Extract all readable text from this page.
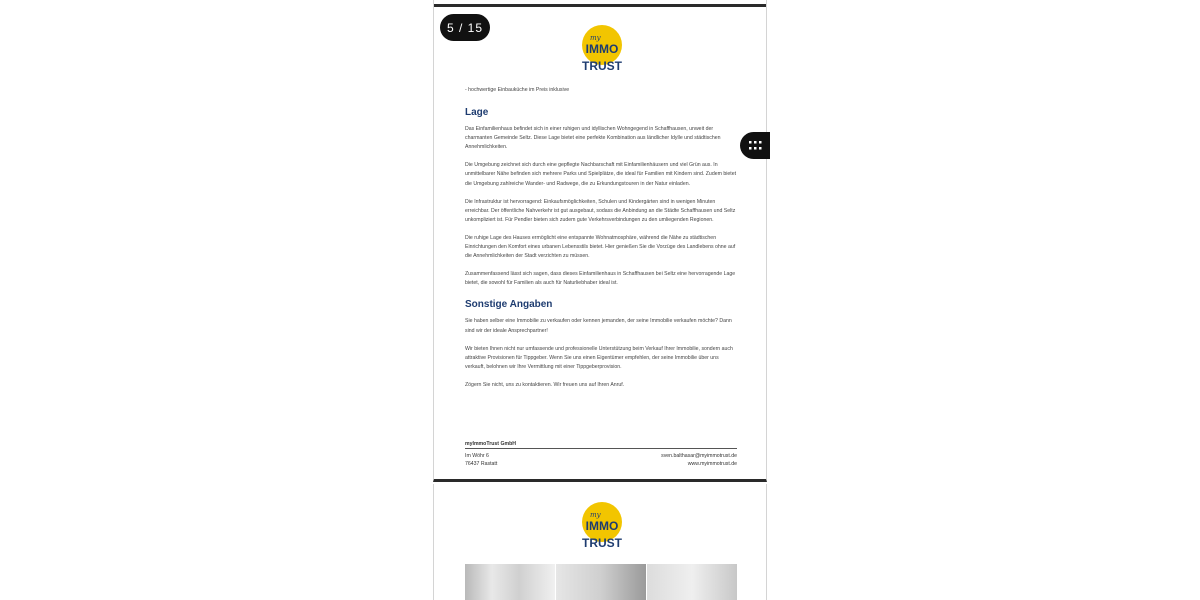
5 / 15
my
IMMO
TRUST

- hochwertige Einbauküche im Preis inklusive

Lage

Das Einfamilienhaus befindet sich in einer ruhigen und idyllischen Wohngegend in Schaffhausen, unweit der charmanten Gemeinde Seltz. Diese Lage bietet eine perfekte Kombination aus ländlicher Idylle und städtischen Annehmlichkeiten.

Die Umgebung zeichnet sich durch eine gepflegte Nachbarschaft mit Einfamilienhäusern und viel Grün aus. In unmittelbarer Nähe befinden sich mehrere Parks und Spielplätze, die ideal für Familien mit Kindern sind. Zudem bietet die Umgebung zahlreiche Wander- und Radwege, die zu Erkundungstouren in der Natur einladen.

Die Infrastruktur ist hervorragend: Einkaufsmöglichkeiten, Schulen und Kindergärten sind in wenigen Minuten erreichbar. Der öffentliche Nahverkehr ist gut ausgebaut, sodass die Anbindung an die Städte Schaffhausen und Seltz unkompliziert ist. Für Pendler bieten sich zudem gute Verkehrsverbindungen zu den umliegenden Regionen.

Die ruhige Lage des Hauses ermöglicht eine entspannte Wohnatmosphäre, während die Nähe zu städtischen Einrichtungen den Komfort eines urbanen Lebensstils bietet. Hier genießen Sie die Vorzüge des Landlebens ohne auf die Annehmlichkeiten der Stadt verzichten zu müssen.

Zusammenfassend lässt sich sagen, dass dieses Einfamilienhaus in Schaffhausen bei Seltz eine hervorragende Lage bietet, die sowohl für Familien als auch für Naturliebhaber ideal ist.

Sonstige Angaben

Sie haben selber eine Immobilie zu verkaufen oder kennen jemanden, der seine Immobilie verkaufen möchte? Dann sind wir der ideale Ansprechpartner!

Wir bieten Ihnen nicht nur umfassende und professionelle Unterstützung beim Verkauf Ihrer Immobilie, sondern auch attraktive Provisionen für Tippgeber. Wenn Sie uns einen Eigentümer empfehlen, der seine Immobilie über uns verkauft, belohnen wir Ihre Vermittlung mit einer Tippgeberprovision.

Zögern Sie nicht, uns zu kontaktieren. Wir freuen uns auf Ihren Anruf.

myImmoTrust GmbH
Im Wöhr 6
76437 Rastatt
sven.balthasar@myimmotrust.de
www.myimmotrust.de
my
IMMO
TRUST
